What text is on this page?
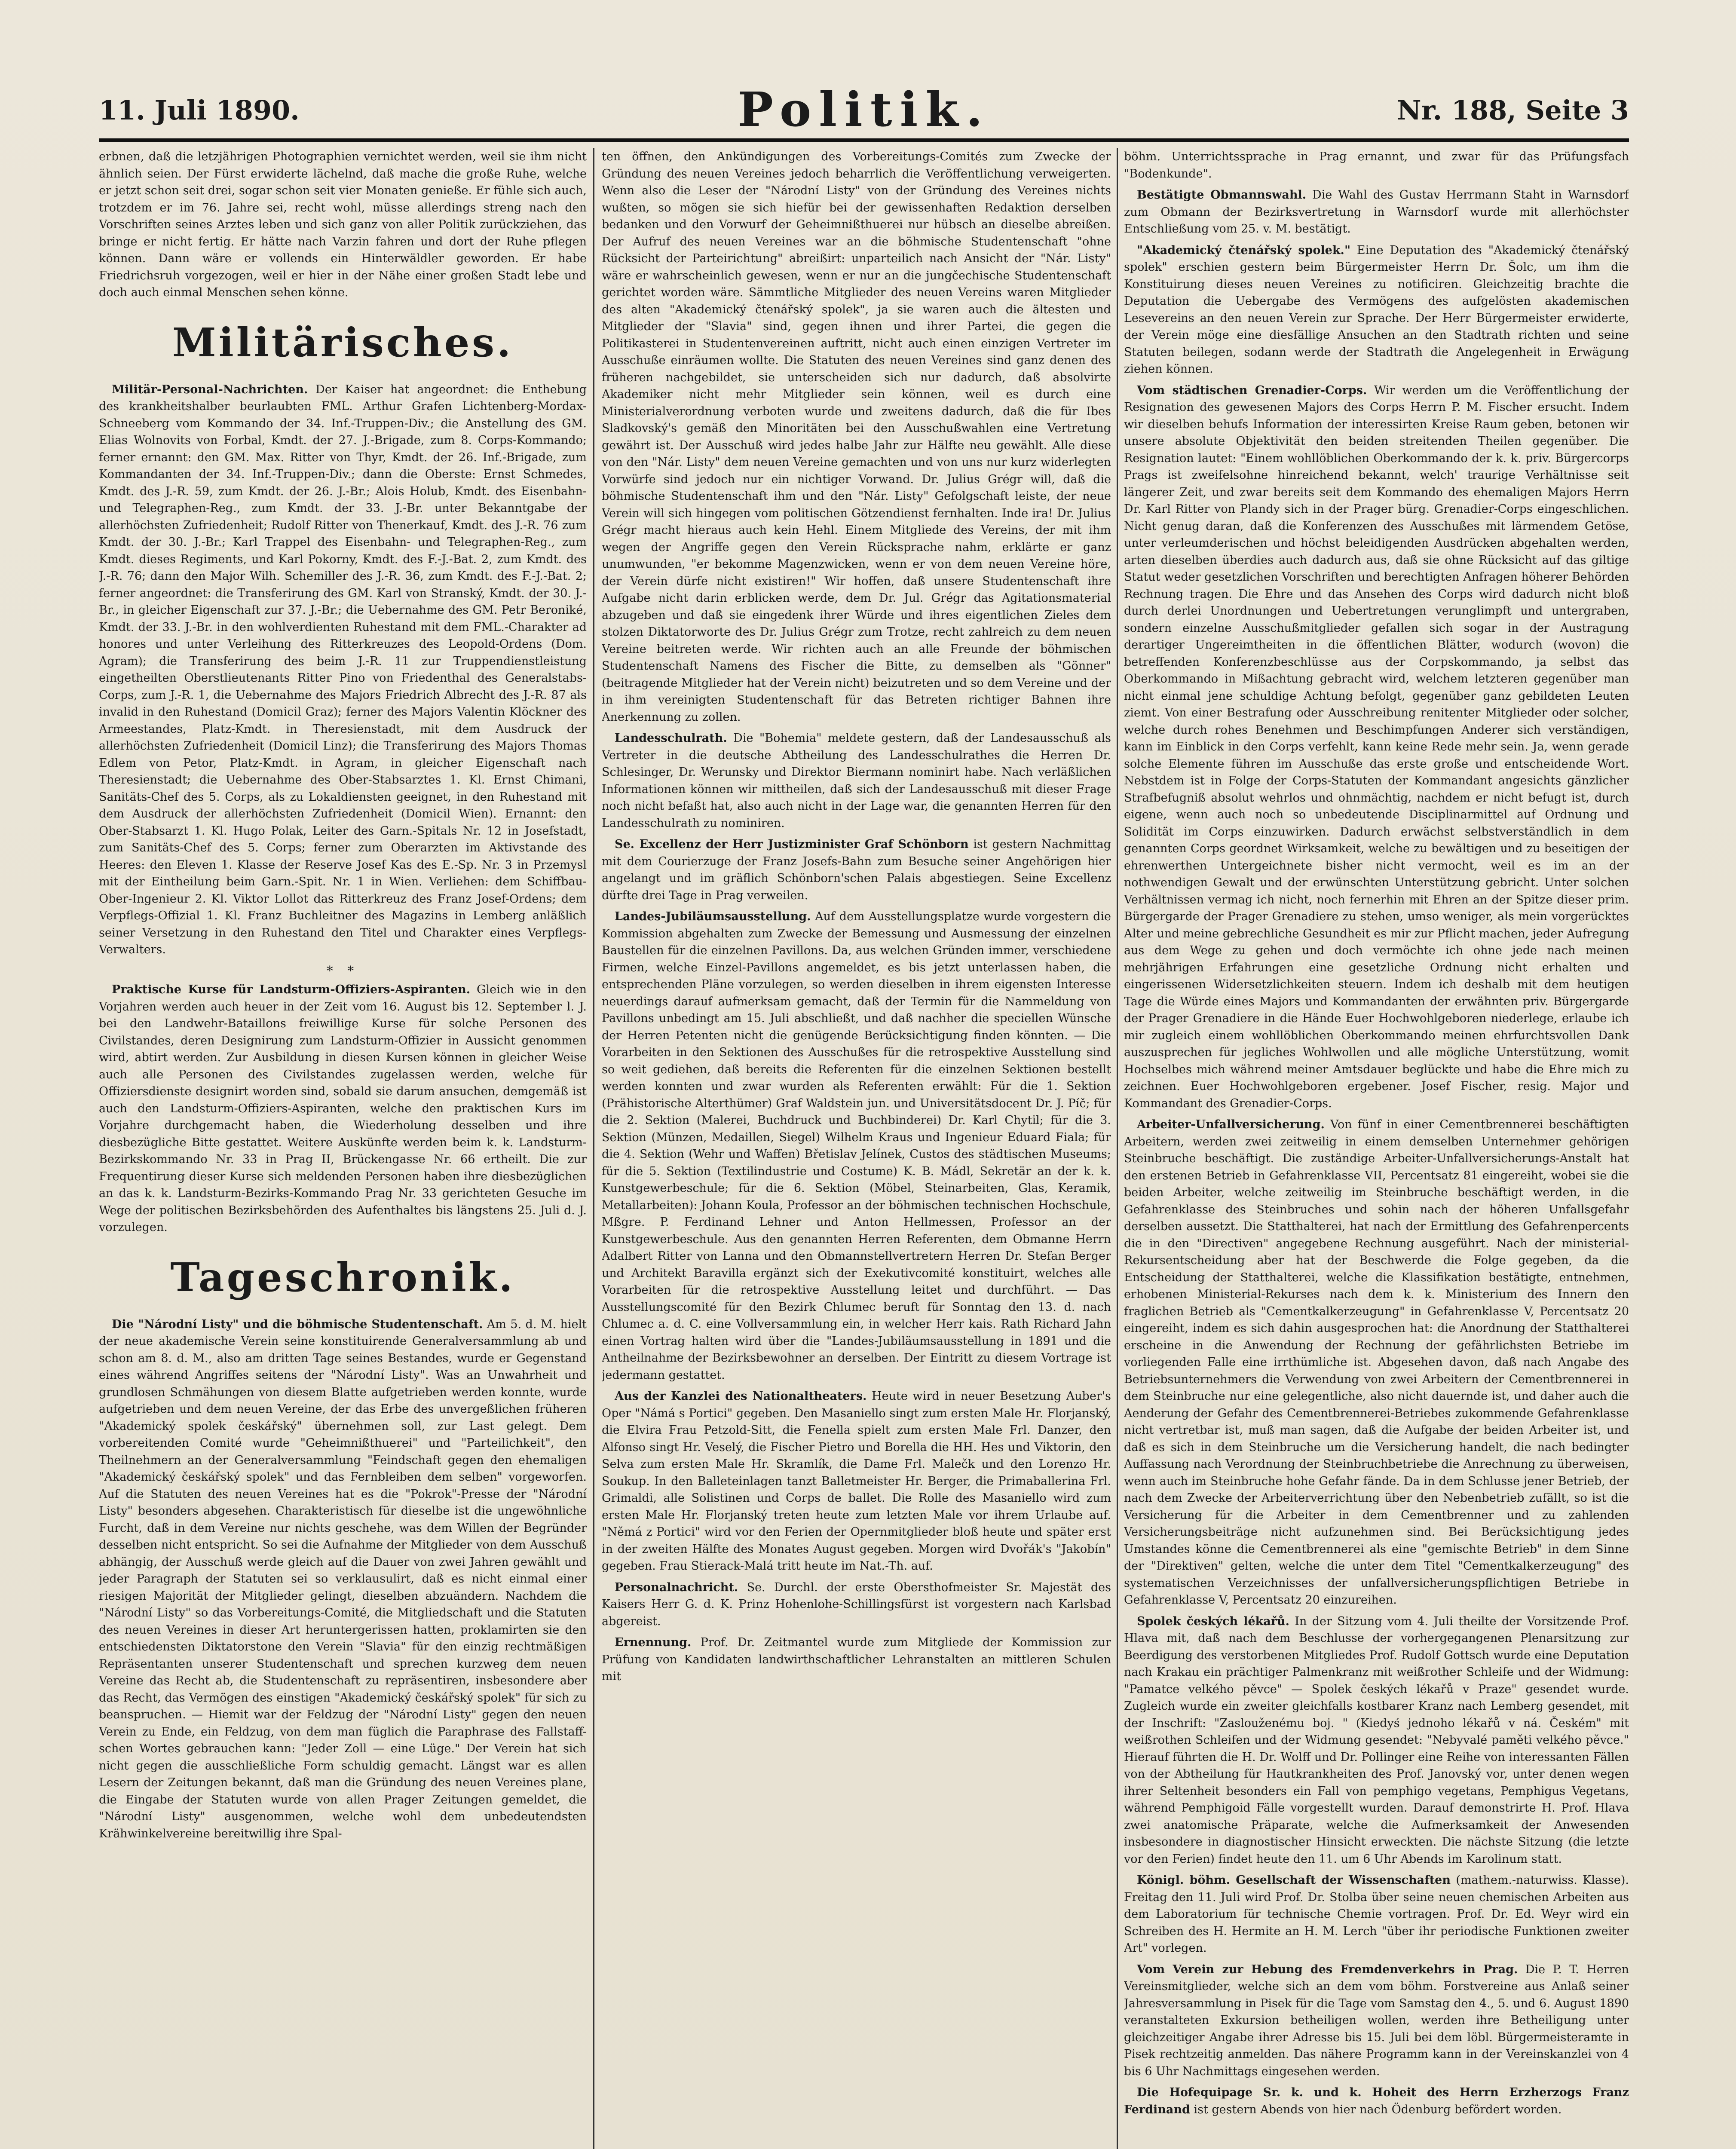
11. Juli 1890.	Politik.	Nr. 188, Seite 3

erbnen, daß die letzjährigen Photographien vernichtet werden, weil sie ihm nicht ähnlich seien. Der Fürst erwiderte lächelnd, daß mache die große Ruhe, welche er jetzt schon seit drei, sogar schon seit vier Monaten genieße. Er fühle sich auch, trotzdem er im 76. Jahre sei, recht wohl, müsse allerdings streng nach den Vorschriften seines Arztes leben und sich ganz von aller Politik zurückziehen, das bringe er nicht fertig. Er hätte nach Varzin fahren und dort der Ruhe pflegen können. Dann wäre er vollends ein Hinterwäldler geworden. Er habe Friedrichsruh vorgezogen, weil er hier in der Nähe einer großen Stadt lebe und doch auch einmal Menschen sehen könne.

Militärisches.

Militär-Personal-Nachrichten. Der Kaiser hat angeordnet: die Enthebung des krankheitshalber beurlaubten FML. Arthur Grafen Lichtenberg-Mordax-Schneeberg vom Kommando der 34. Inf.-Truppen-Div.; die Anstellung des GM. Elias Wolnovits von Forbal, Kmdt. der 27. J.-Brigade, zum 8. Corps-Kommando; ferner ernannt: den GM. Max. Ritter von Thyr, Kmdt. der 26. Inf.-Brigade, zum Kommandanten der 34. Inf.-Truppen-Div.; dann die Oberste: Ernst Schmedes, Kmdt. des J.-R. 59, zum Kmdt. der 26. J.-Br.; Alois Holub, Kmdt. des Eisenbahn- und Telegraphen-Reg., zum Kmdt. der 33. J.-Br. unter Bekanntgabe der allerhöchsten Zufriedenheit; Rudolf Ritter von Thenerkauf, Kmdt. des J.-R. 76 zum Kmdt. der 30. J.-Br.; Karl Trappel des Eisenbahn- und Telegraphen-Reg., zum Kmdt. dieses Regiments, und Karl Pokorny, Kmdt. des F.-J.-Bat. 2, zum Kmdt. des J.-R. 76; dann den Major Wilh. Schemiller des J.-R. 36, zum Kmdt. des F.-J.-Bat. 2; ferner angeordnet: die Transferirung des GM. Karl von Stranský, Kmdt. der 30. J.-Br., in gleicher Eigenschaft zur 37. J.-Br.; die Uebernahme des GM. Petr Beroniké, Kmdt. der 33. J.-Br. in den wohlverdienten Ruhestand mit dem FML.-Charakter ad honores und unter Verleihung des Ritterkreuzes des Leopold-Ordens (Dom. Agram); die Transferirung des beim J.-R. 11 zur Truppendienstleistung eingetheilten Oberstlieutenants Ritter Pino von Friedenthal des Generalstabs-Corps, zum J.-R. 1, die Uebernahme des Majors Friedrich Albrecht des J.-R. 87 als invalid in den Ruhestand (Domicil Graz); ferner des Majors Valentin Klöckner des Armeestandes, Platz-Kmdt. in Theresienstadt, mit dem Ausdruck der allerhöchsten Zufriedenheit (Domicil Linz); die Transferirung des Majors Thomas Edlem von Petor, Platz-Kmdt. in Agram, in gleicher Eigenschaft nach Theresienstadt; die Uebernahme des Ober-Stabsarztes 1. Kl. Ernst Chimani, Sanitäts-Chef des 5. Corps, als zu Lokaldiensten geeignet, in den Ruhestand mit dem Ausdruck der allerhöchsten Zufriedenheit (Domicil Wien). Ernannt: den Ober-Stabsarzt 1. Kl. Hugo Polak, Leiter des Garn.-Spitals Nr. 12 in Josefstadt, zum Sanitäts-Chef des 5. Corps; ferner zum Oberarzten im Aktivstande des Heeres: den Eleven 1. Klasse der Reserve Josef Kas des E.-Sp. Nr. 3 in Przemysl mit der Eintheilung beim Garn.-Spit. Nr. 1 in Wien. Verliehen: dem Schiffbau-Ober-Ingenieur 2. Kl. Viktor Lollot das Ritterkreuz des Franz Josef-Ordens; dem Verpflegs-Offizial 1. Kl. Franz Buchleitner des Magazins in Lemberg anläßlich seiner Versetzung in den Ruhestand den Titel und Charakter eines Verpflegs-Verwalters.

* *

Praktische Kurse für Landsturm-Offiziers-Aspiranten. Gleich wie in den Vorjahren werden auch heuer in der Zeit vom 16. August bis 12. September l. J. bei den Landwehr-Bataillons freiwillige Kurse für solche Personen des Civilstandes, deren Designirung zum Landsturm-Offizier in Aussicht genommen wird, abtirt werden. Zur Ausbildung in diesen Kursen können in gleicher Weise auch alle Personen des Civilstandes zugelassen werden, welche für Offiziersdienste designirt worden sind, sobald sie darum ansuchen, demgemäß ist auch den Landsturm-Offiziers-Aspiranten, welche den praktischen Kurs im Vorjahre durchgemacht haben, die Wiederholung desselben und ihre diesbezügliche Bitte gestattet. Weitere Auskünfte werden beim k. k. Landsturm-Bezirkskommando Nr. 33 in Prag II, Brückengasse Nr. 66 ertheilt. Die zur Frequentirung dieser Kurse sich meldenden Personen haben ihre diesbezüglichen an das k. k. Landsturm-Bezirks-Kommando Prag Nr. 33 gerichteten Gesuche im Wege der politischen Bezirksbehörden des Aufenthaltes bis längstens 25. Juli d. J. vorzulegen.

Tageschronik.

Die "Národní Listy" und die böhmische Studentenschaft. Am 5. d. M. hielt der neue akademische Verein seine konstituirende Generalversammlung ab und schon am 8. d. M., also am dritten Tage seines Bestandes, wurde er Gegenstand eines während Angriffes seitens der "Národní Listy". Was an Unwahrheit und grundlosen Schmähungen von diesem Blatte aufgetrieben werden konnte, wurde aufgetrieben und dem neuen Vereine, der das Erbe des unvergeßlichen früheren "Akademický spolek českářský" übernehmen soll, zur Last gelegt. Dem vorbereitenden Comité wurde "Geheimnißthuerei" und "Parteilichkeit", den Theilnehmern an der Generalversammlung "Feindschaft gegen den ehemaligen "Akademický českářský spolek" und das Fernbleiben dem selben" vorgeworfen. Auf die Statuten des neuen Vereines hat es die "Pokrok"-Presse der "Národní Listy" besonders abgesehen. Charakteristisch für dieselbe ist die ungewöhnliche Furcht, daß in dem Vereine nur nichts geschehe, was dem Willen der Begründer desselben nicht entspricht. So sei die Aufnahme der Mitglieder von dem Ausschuß abhängig, der Ausschuß werde gleich auf die Dauer von zwei Jahren gewählt und jeder Paragraph der Statuten sei so verklausulirt, daß es nicht einmal einer riesigen Majorität der Mitglieder gelingt, dieselben abzuändern. Nachdem die "Národní Listy" so das Vorbereitungs-Comité, die Mitgliedschaft und die Statuten des neuen Vereines in dieser Art heruntergerissen hatten, proklamirten sie den entschiedensten Diktatorstone den Verein "Slavia" für den einzig rechtmäßigen Repräsentanten unserer Studentenschaft und sprechen kurzweg dem neuen Vereine das Recht ab, die Studentenschaft zu repräsentiren, insbesondere aber das Recht, das Vermögen des einstigen "Akademický českářský spolek" für sich zu beanspruchen. — Hiemit war der Feldzug der "Národní Listy" gegen den neuen Verein zu Ende, ein Feldzug, von dem man füglich die Paraphrase des Fallstaff-schen Wortes gebrauchen kann: "Jeder Zoll — eine Lüge." Der Verein hat sich nicht gegen die ausschließliche Form schuldig gemacht. Längst war es allen Lesern der Zeitungen bekannt, daß man die Gründung des neuen Vereines plane, die Eingabe der Statuten wurde von allen Prager Zeitungen gemeldet, die "Národní Listy" ausgenommen, welche wohl dem unbedeutendsten Krähwinkelvereine bereitwillig ihre Spal-

ten öffnen, den Ankündigungen des Vorbereitungs-Comités zum Zwecke der Gründung des neuen Vereines jedoch beharrlich die Veröffentlichung verweigerten. Wenn also die Leser der "Národní Listy" von der Gründung des Vereines nichts wußten, so mögen sie sich hiefür bei der gewissenhaften Redaktion derselben bedanken und den Vorwurf der Geheimnißthuerei nur hübsch an dieselbe abreißen. Der Aufruf des neuen Vereines war an die böhmische Studentenschaft "ohne Rücksicht der Parteirichtung" abreißirt: unparteilich nach Ansicht der "Nár. Listy" wäre er wahrscheinlich gewesen, wenn er nur an die jungčechische Studentenschaft gerichtet worden wäre. Sämmtliche Mitglieder des neuen Vereins waren Mitglieder des alten "Akademický čtenářský spolek", ja sie waren auch die ältesten und Mitglieder der "Slavia" sind, gegen ihnen und ihrer Partei, die gegen die Politikasterei in Studentenvereinen auftritt, nicht auch einen einzigen Vertreter im Ausschuße einräumen wollte. Die Statuten des neuen Vereines sind ganz denen des früheren nachgebildet, sie unterscheiden sich nur dadurch, daß absolvirte Akademiker nicht mehr Mitglieder sein können, weil es durch eine Ministerialverordnung verboten wurde und zweitens dadurch, daß die für Ibes Sladkovský's gemäß den Minoritäten bei den Ausschußwahlen eine Vertretung gewährt ist. Der Ausschuß wird jedes halbe Jahr zur Hälfte neu gewählt. Alle diese von den "Nár. Listy" dem neuen Vereine gemachten und von uns nur kurz widerlegten Vorwürfe sind jedoch nur ein nichtiger Vorwand. Dr. Julius Grégr will, daß die böhmische Studentenschaft ihm und den "Nár. Listy" Gefolgschaft leiste, der neue Verein will sich hingegen vom politischen Götzendienst fernhalten. Inde ira! Dr. Julius Grégr macht hieraus auch kein Hehl. Einem Mitgliede des Vereins, der mit ihm wegen der Angriffe gegen den Verein Rücksprache nahm, erklärte er ganz unumwunden, "er bekomme Magenzwicken, wenn er von dem neuen Vereine höre, der Verein dürfe nicht existiren!" Wir hoffen, daß unsere Studentenschaft ihre Aufgabe nicht darin erblicken werde, dem Dr. Jul. Grégr das Agitationsmaterial abzugeben und daß sie eingedenk ihrer Würde und ihres eigentlichen Zieles dem stolzen Diktatorworte des Dr. Julius Grégr zum Trotze, recht zahlreich zu dem neuen Vereine beitreten werde. Wir richten auch an alle Freunde der böhmischen Studentenschaft Namens des Fischer die Bitte, zu demselben als "Gönner" (beitragende Mitglieder hat der Verein nicht) beizutreten und so dem Vereine und der in ihm vereinigten Studentenschaft für das Betreten richtiger Bahnen ihre Anerkennung zu zollen.

Landesschulrath. Die "Bohemia" meldete gestern, daß der Landesausschuß als Vertreter in die deutsche Abtheilung des Landesschulrathes die Herren Dr. Schlesinger, Dr. Werunsky und Direktor Biermann nominirt habe. Nach verläßlichen Informationen können wir mittheilen, daß sich der Landesausschuß mit dieser Frage noch nicht befaßt hat, also auch nicht in der Lage war, die genannten Herren für den Landesschulrath zu nominiren.

Se. Excellenz der Herr Justizminister Graf Schönborn ist gestern Nachmittag mit dem Courierzuge der Franz Josefs-Bahn zum Besuche seiner Angehörigen hier angelangt und im gräflich Schönborn'schen Palais abgestiegen. Seine Excellenz dürfte drei Tage in Prag verweilen.

Landes-Jubiläumsausstellung. Auf dem Ausstellungsplatze wurde vorgestern die Kommission abgehalten zum Zwecke der Bemessung und Ausmessung der einzelnen Baustellen für die einzelnen Pavillons. Da, aus welchen Gründen immer, verschiedene Firmen, welche Einzel-Pavillons angemeldet, es bis jetzt unterlassen haben, die entsprechenden Pläne vorzulegen, so werden dieselben in ihrem eigensten Interesse neuerdings darauf aufmerksam gemacht, daß der Termin für die Nammeldung von Pavillons unbedingt am 15. Juli abschließt, und daß nachher die speciellen Wünsche der Herren Petenten nicht die genügende Berücksichtigung finden könnten. — Die Vorarbeiten in den Sektionen des Ausschußes für die retrospektive Ausstellung sind so weit gediehen, daß bereits die Referenten für die einzelnen Sektionen bestellt werden konnten und zwar wurden als Referenten erwählt: Für die 1. Sektion (Prähistorische Alterthümer) Graf Waldstein jun. und Universitätsdocent Dr. J. Píč; für die 2. Sektion (Malerei, Buchdruck und Buchbinderei) Dr. Karl Chytil; für die 3. Sektion (Münzen, Medaillen, Siegel) Wilhelm Kraus und Ingenieur Eduard Fiala; für die 4. Sektion (Wehr und Waffen) Břetislav Jelínek, Custos des städtischen Museums; für die 5. Sektion (Textilindustrie und Costume) K. B. Mádl, Sekretär an der k. k. Kunstgewerbeschule; für die 6. Sektion (Möbel, Steinarbeiten, Glas, Keramik, Metallarbeiten): Johann Koula, Professor an der böhmischen technischen Hochschule, Mßgre. P. Ferdinand Lehner und Anton Hellmessen, Professor an der Kunstgewerbeschule. Aus den genannten Herren Referenten, dem Obmanne Herrn Adalbert Ritter von Lanna und den Obmannstellvertretern Herren Dr. Stefan Berger und Architekt Baravilla ergänzt sich der Exekutivcomité konstituirt, welches alle Vorarbeiten für die retrospektive Ausstellung leitet und durchführt. — Das Ausstellungscomité für den Bezirk Chlumec beruft für Sonntag den 13. d. nach Chlumec a. d. C. eine Vollversammlung ein, in welcher Herr kais. Rath Richard Jahn einen Vortrag halten wird über die "Landes-Jubiläumsausstellung in 1891 und die Antheilnahme der Bezirksbewohner an derselben. Der Eintritt zu diesem Vortrage ist jedermann gestattet.

Aus der Kanzlei des Nationaltheaters. Heute wird in neuer Besetzung Auber's Oper "Námá s Portici" gegeben. Den Masaniello singt zum ersten Male Hr. Florjanský, die Elvira Frau Petzold-Sitt, die Fenella spielt zum ersten Male Frl. Danzer, den Alfonso singt Hr. Veselý, die Fischer Pietro und Borella die HH. Hes und Viktorin, den Selva zum ersten Male Hr. Skramlík, die Dame Frl. Malečk und den Lorenzo Hr. Soukup. In den Balleteinlagen tanzt Balletmeister Hr. Berger, die Primaballerina Frl. Grimaldi, alle Solistinen und Corps de ballet. Die Rolle des Masaniello wird zum ersten Male Hr. Florjanský treten heute zum letzten Male vor ihrem Urlaube auf. "Němá z Portici" wird vor den Ferien der Opernmitglieder bloß heute und später erst in der zweiten Hälfte des Monates August gegeben. Morgen wird Dvořák's "Jakobín" gegeben. Frau Stierack-Malá tritt heute im Nat.-Th. auf.

Personalnachricht. Se. Durchl. der erste Obersthofmeister Sr. Majestät des Kaisers Herr G. d. K. Prinz Hohenlohe-Schillingsfürst ist vorgestern nach Karlsbad abgereist.

Ernennung. Prof. Dr. Zeitmantel wurde zum Mitgliede der Kommission zur Prüfung von Kandidaten landwirthschaftlicher Lehranstalten an mittleren Schulen mit

böhm. Unterrichtssprache in Prag ernannt, und zwar für das Prüfungsfach "Bodenkunde".

Bestätigte Obmannswahl. Die Wahl des Gustav Herrmann Staht in Warnsdorf zum Obmann der Bezirksvertretung in Warnsdorf wurde mit allerhöchster Entschließung vom 25. v. M. bestätigt.

"Akademický čtenářský spolek." Eine Deputation des "Akademický čtenářský spolek" erschien gestern beim Bürgermeister Herrn Dr. Šolc, um ihm die Konstituirung dieses neuen Vereines zu notificiren. Gleichzeitig brachte die Deputation die Uebergabe des Vermögens des aufgelösten akademischen Lesevereins an den neuen Verein zur Sprache. Der Herr Bürgermeister erwiderte, der Verein möge eine diesfällige Ansuchen an den Stadtrath richten und seine Statuten beilegen, sodann werde der Stadtrath die Angelegenheit in Erwägung ziehen können.

Vom städtischen Grenadier-Corps. Wir werden um die Veröffentlichung der Resignation des gewesenen Majors des Corps Herrn P. M. Fischer ersucht. Indem wir dieselben behufs Information der interessirten Kreise Raum geben, betonen wir unsere absolute Objektivität den beiden streitenden Theilen gegenüber. Die Resignation lautet: "Einem wohllöblichen Oberkommando der k. k. priv. Bürgercorps Prags ist zweifelsohne hinreichend bekannt, welch' traurige Verhältnisse seit längerer Zeit, und zwar bereits seit dem Kommando des ehemaligen Majors Herrn Dr. Karl Ritter von Plandy sich in der Prager bürg. Grenadier-Corps eingeschlichen. Nicht genug daran, daß die Konferenzen des Ausschußes mit lärmendem Getöse, unter verleumderischen und höchst beleidigenden Ausdrücken abgehalten werden, arten dieselben überdies auch dadurch aus, daß sie ohne Rücksicht auf das giltige Statut weder gesetzlichen Vorschriften und berechtigten Anfragen höherer Behörden Rechnung tragen. Die Ehre und das Ansehen des Corps wird dadurch nicht bloß durch derlei Unordnungen und Uebertretungen verunglimpft und untergraben, sondern einzelne Ausschußmitglieder gefallen sich sogar in der Austragung derartiger Ungereimtheiten in die öffentlichen Blätter, wodurch (wovon) die betreffenden Konferenzbeschlüsse aus der Corpskommando, ja selbst das Oberkommando in Mißachtung gebracht wird, welchem letzteren gegenüber man nicht einmal jene schuldige Achtung befolgt, gegenüber ganz gebildeten Leuten ziemt. Von einer Bestrafung oder Ausschreibung renitenter Mitglieder oder solcher, welche durch rohes Benehmen und Beschimpfungen Anderer sich verständigen, kann im Einblick in den Corps verfehlt, kann keine Rede mehr sein. Ja, wenn gerade solche Elemente führen im Ausschuße das erste große und entscheidende Wort. Nebstdem ist in Folge der Corps-Statuten der Kommandant angesichts gänzlicher Strafbefugniß absolut wehrlos und ohnmächtig, nachdem er nicht befugt ist, durch eigene, wenn auch noch so unbedeutende Disciplinarmittel auf Ordnung und Solidität im Corps einzuwirken. Dadurch erwächst selbstverständlich in dem genannten Corps geordnet Wirksamkeit, welche zu bewältigen und zu beseitigen der ehrenwerthen Untergeichnete bisher nicht vermocht, weil es im an der nothwendigen Gewalt und der erwünschten Unterstützung gebricht. Unter solchen Verhältnissen vermag ich nicht, noch fernerhin mit Ehren an der Spitze dieser prim. Bürgergarde der Prager Grenadiere zu stehen, umso weniger, als mein vorgerücktes Alter und meine gebrechliche Gesundheit es mir zur Pflicht machen, jeder Aufregung aus dem Wege zu gehen und doch vermöchte ich ohne jede nach meinen mehrjährigen Erfahrungen eine gesetzliche Ordnung nicht erhalten und eingerissenen Widersetzlichkeiten steuern. Indem ich deshalb mit dem heutigen Tage die Würde eines Majors und Kommandanten der erwähnten priv. Bürgergarde der Prager Grenadiere in die Hände Euer Hochwohlgeboren niederlege, erlaube ich mir zugleich einem wohllöblichen Oberkommando meinen ehrfurchtsvollen Dank auszusprechen für jegliches Wohlwollen und alle mögliche Unterstützung, womit Hochselbes mich während meiner Amtsdauer beglückte und habe die Ehre mich zu zeichnen. Euer Hochwohlgeboren ergebener. Josef Fischer, resig. Major und Kommandant des Grenadier-Corps.

Arbeiter-Unfallversicherung. Von fünf in einer Cementbrennerei beschäftigten Arbeitern, werden zwei zeitweilig in einem demselben Unternehmer gehörigen Steinbruche beschäftigt. Die zuständige Arbeiter-Unfallversicherungs-Anstalt hat den erstenen Betrieb in Gefahrenklasse VII, Percentsatz 81 eingereiht, wobei sie die beiden Arbeiter, welche zeitweilig im Steinbruche beschäftigt werden, in die Gefahrenklasse des Steinbruches und sohin nach der höheren Unfallsgefahr derselben aussetzt. Die Statthalterei, hat nach der Ermittlung des Gefahrenpercents die in den "Directiven" angegebene Rechnung ausgeführt. Nach der ministerial-Rekursentscheidung aber hat der Beschwerde die Folge gegeben, da die Entscheidung der Statthalterei, welche die Klassifikation bestätigte, entnehmen, erhobenen Ministerial-Rekurses nach dem k. k. Ministerium des Innern den fraglichen Betrieb als "Cementkalkerzeugung" in Gefahrenklasse V, Percentsatz 20 eingereiht, indem es sich dahin ausgesprochen hat: die Anordnung der Statthalterei erscheine in die Anwendung der Rechnung der gefährlichsten Betriebe im vorliegenden Falle eine irrthümliche ist. Abgesehen davon, daß nach Angabe des Betriebsunternehmers die Verwendung von zwei Arbeitern der Cementbrennerei in dem Steinbruche nur eine gelegentliche, also nicht dauernde ist, und daher auch die Aenderung der Gefahr des Cementbrennerei-Betriebes zukommende Gefahrenklasse nicht vertretbar ist, muß man sagen, daß die Aufgabe der beiden Arbeiter ist, und daß es sich in dem Steinbruche um die Versicherung handelt, die nach bedingter Auffassung nach Verordnung der Steinbruchbetriebe die Anrechnung zu überweisen, wenn auch im Steinbruche hohe Gefahr fände. Da in dem Schlusse jener Betrieb, der nach dem Zwecke der Arbeiterverrichtung über den Nebenbetrieb zufällt, so ist die Versicherung für die Arbeiter in dem Cementbrenner und zu zahlenden Versicherungsbeiträge nicht aufzunehmen sind. Bei Berücksichtigung jedes Umstandes könne die Cementbrennerei als eine "gemischte Betrieb" in dem Sinne der "Direktiven" gelten, welche die unter dem Titel "Cementkalkerzeugung" des systematischen Verzeichnisses der unfallversicherungspflichtigen Betriebe in Gefahrenklasse V, Percentsatz 20 einzureihen.

Spolek českých lékařů. In der Sitzung vom 4. Juli theilte der Vorsitzende Prof. Hlava mit, daß nach dem Beschlusse der vorhergegangenen Plenarsitzung zur Beerdigung des verstorbenen Mitgliedes Prof. Rudolf Gottsch wurde eine Deputation nach Krakau ein prächtiger Palmenkranz mit weißrother Schleife und der Widmung: "Pamatce velkého pěvce" — Spolek českých lékařů v Praze" gesendet wurde. Zugleich wurde ein zweiter gleichfalls kostbarer Kranz nach Lemberg gesendet, mit der Inschrift: "Zaslouženému boj. " (Kiedyś jednoho lékařů v ná. Českém" mit weißrothen Schleifen und der Widmung gesendet: "Nebyvalé paměti velkého pěvce." Hierauf führten die H. Dr. Wolff und Dr. Pollinger eine Reihe von interessanten Fällen von der Abtheilung für Hautkrankheiten des Prof. Janovský vor, unter denen wegen ihrer Seltenheit besonders ein Fall von pemphigo vegetans, Pemphigus Vegetans, während Pemphigoid Fälle vorgestellt wurden. Darauf demonstrirte H. Prof. Hlava zwei anatomische Präparate, welche die Aufmerksamkeit der Anwesenden insbesondere in diagnostischer Hinsicht erweckten. Die nächste Sitzung (die letzte vor den Ferien) findet heute den 11. um 6 Uhr Abends im Karolinum statt.

Königl. böhm. Gesellschaft der Wissenschaften (mathem.-naturwiss. Klasse). Freitag den 11. Juli wird Prof. Dr. Stolba über seine neuen chemischen Arbeiten aus dem Laboratorium für technische Chemie vortragen. Prof. Dr. Ed. Weyr wird ein Schreiben des H. Hermite an H. M. Lerch "über ihr periodische Funktionen zweiter Art" vorlegen.

Vom Verein zur Hebung des Fremdenverkehrs in Prag. Die P. T. Herren Vereinsmitglieder, welche sich an dem vom böhm. Forstvereine aus Anlaß seiner Jahresversammlung in Pisek für die Tage vom Samstag den 4., 5. und 6. August 1890 veranstalteten Exkursion betheiligen wollen, werden ihre Betheiligung unter gleichzeitiger Angabe ihrer Adresse bis 15. Juli bei dem löbl. Bürgermeisteramte in Pisek rechtzeitig anmelden. Das nähere Programm kann in der Vereinskanzlei von 4 bis 6 Uhr Nachmittags eingesehen werden.

Die Hofequipage Sr. k. und k. Hoheit des Herrn Erzherzogs Franz Ferdinand ist gestern Abends von hier nach Ödenburg befördert worden.
